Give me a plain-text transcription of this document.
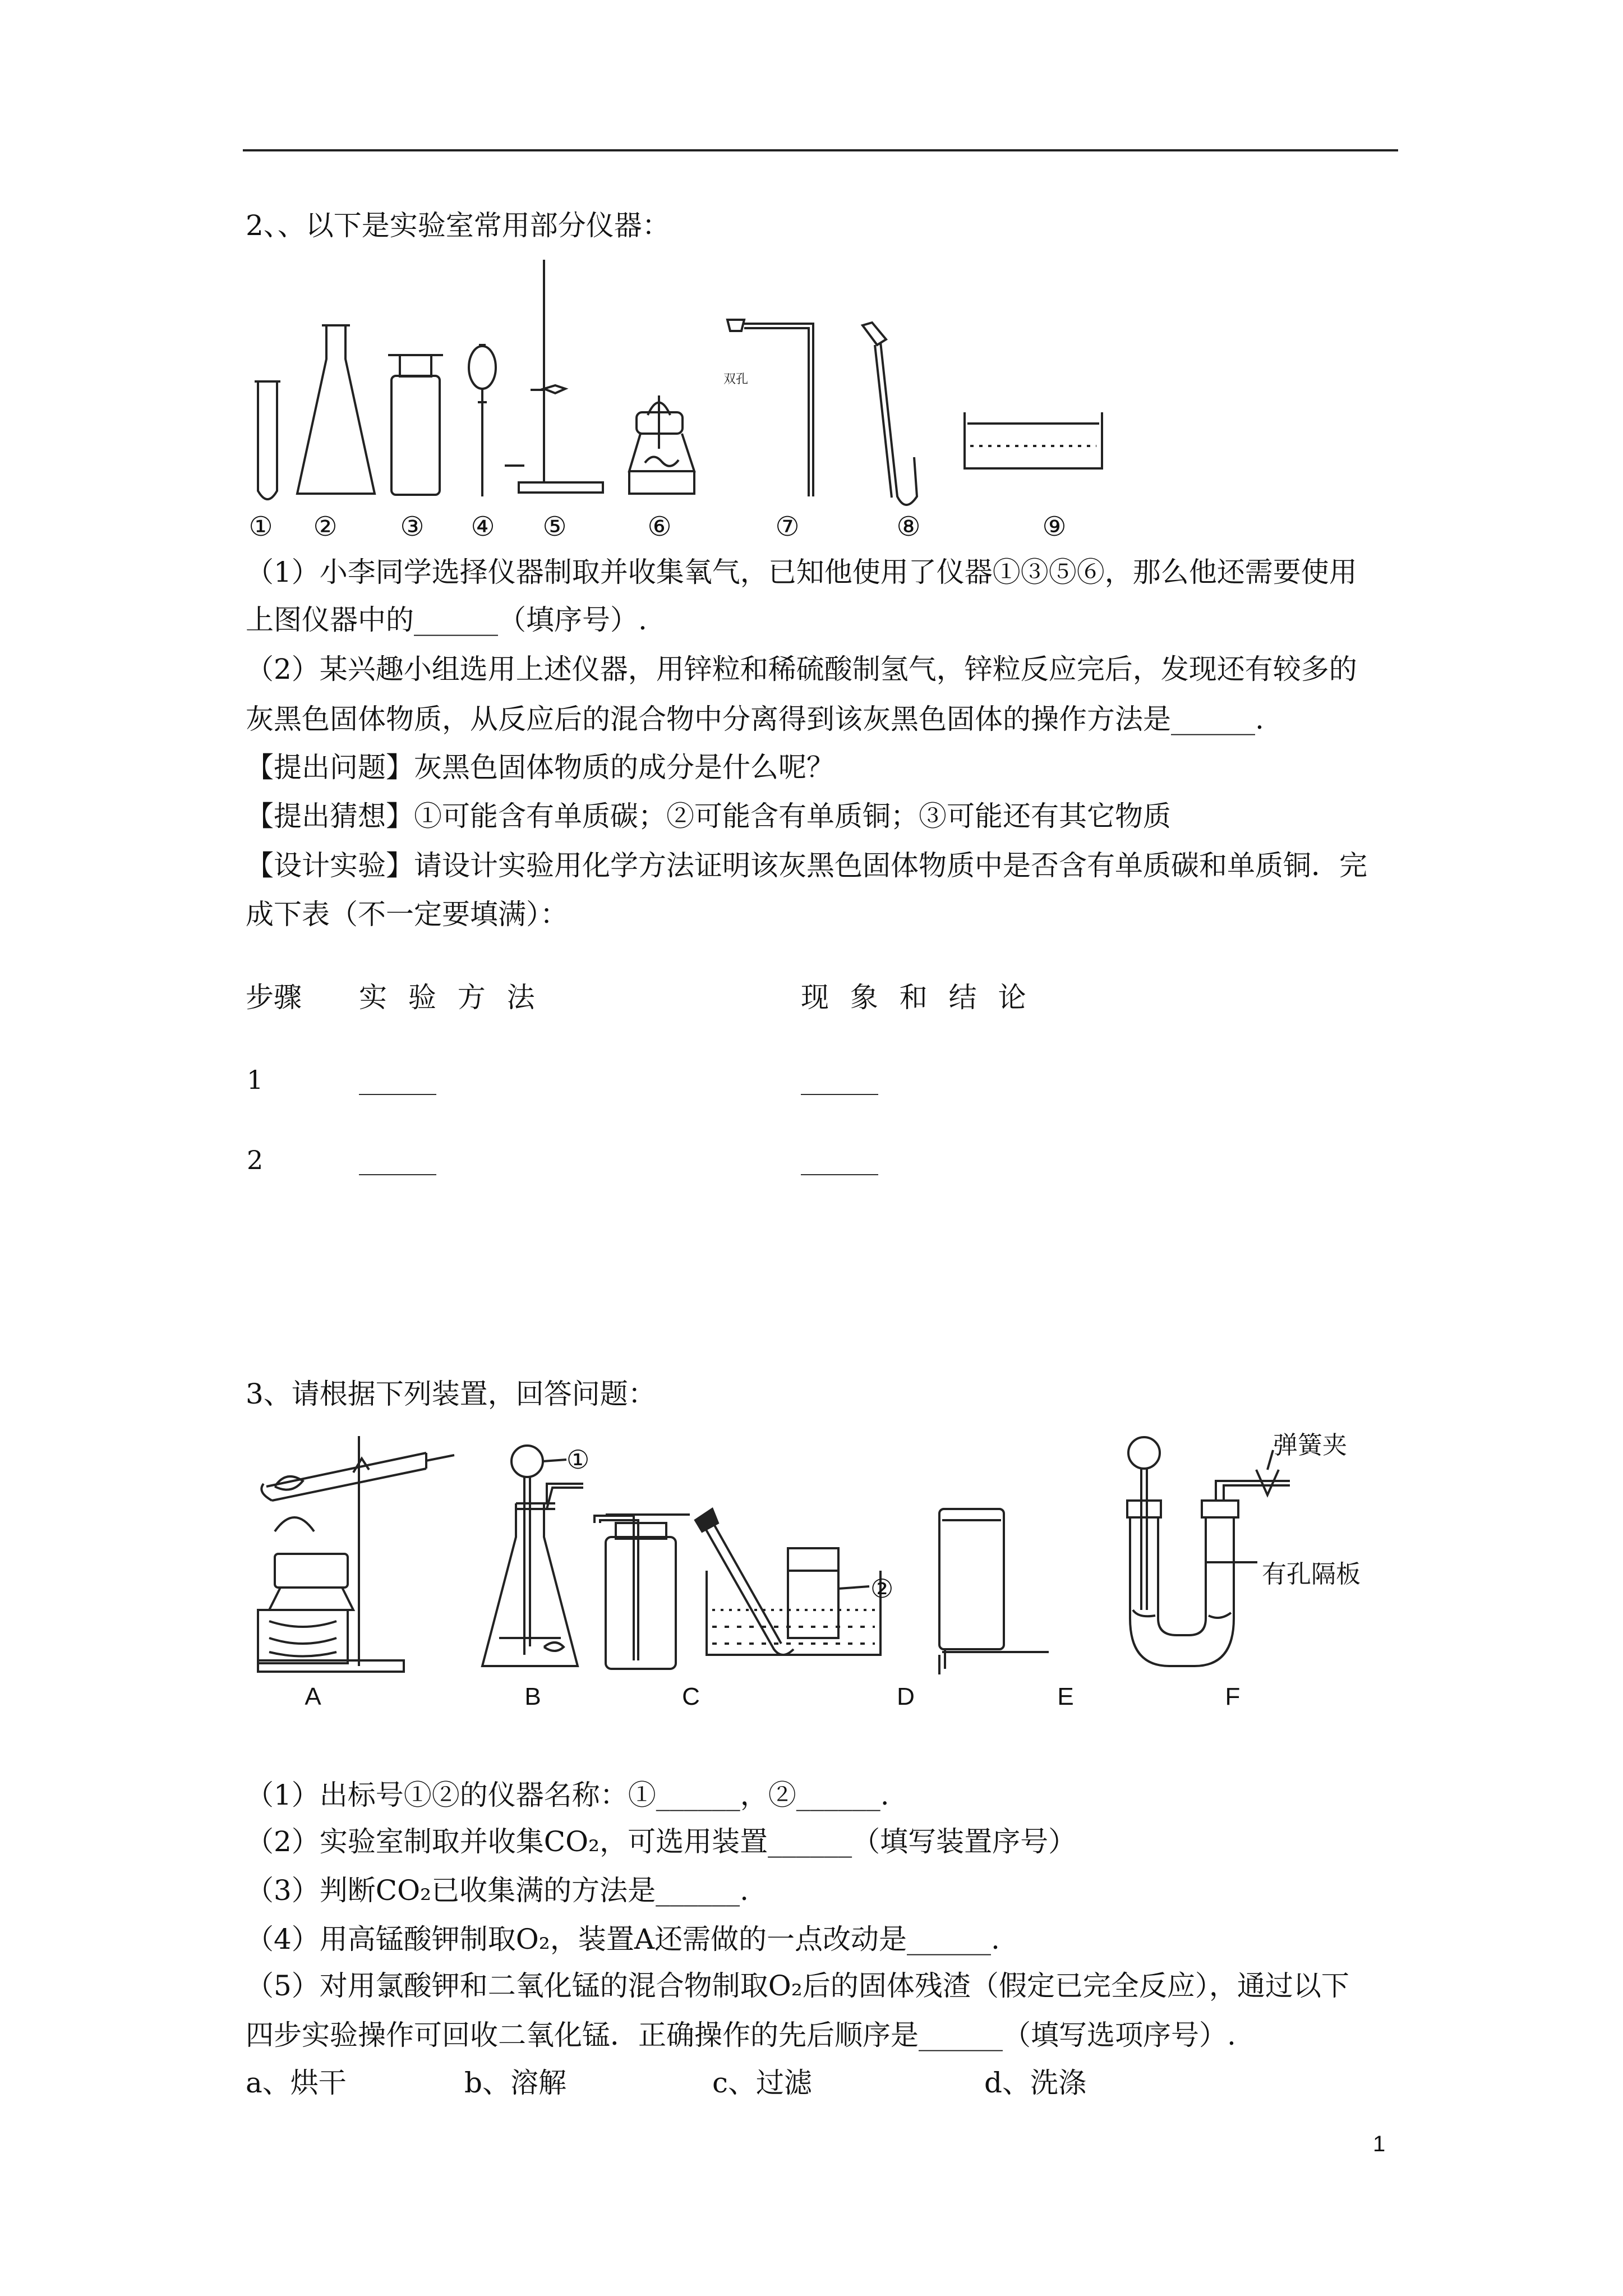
2、、以下是实验室常用部分仪器：
双孔
① ② ③ ④ ⑤	⑥	⑦	⑧	⑨
（1）小李同学选择仪器制取并收集氧气，已知他使用了仪器①③⑤⑥，那么他还需要使用
上图仪器中的______（填序号）.
（2）某兴趣小组选用上述仪器，用锌粒和稀硫酸制氢气，锌粒反应完后，发现还有较多的
灰黑色固体物质，从反应后的混合物中分离得到该灰黑色固体的操作方法是______.
【提出问题】灰黑色固体物质的成分是什么呢？
【提出猜想】①可能含有单质碳；②可能含有单质铜；③可能还有其它物质
【设计实验】请设计实验用化学方法证明该灰黑色固体物质中是否含有单质碳和单质铜．完
成下表（不一定要填满）：
步骤 实 验 方 法	现 象 和 结 论
1	______	______
2	______	______
3、请根据下列装置，回答问题：
①
②
弹簧夹
有孔隔板
A	B	C	D	E	F
（1）出标号①②的仪器名称：①______，②______.
（2）实验室制取并收集CO₂，可选用装置______（填写装置序号）
（3）判断CO₂已收集满的方法是______.
（4）用高锰酸钾制取O₂，装置A还需做的一点改动是______.
（5）对用氯酸钾和二氧化锰的混合物制取O₂后的固体残渣（假定已完全反应），通过以下
四步实验操作可回收二氧化锰．正确操作的先后顺序是______（填写选项序号）.
a、烘干	b、溶解	c、过滤	d、洗涤
1
